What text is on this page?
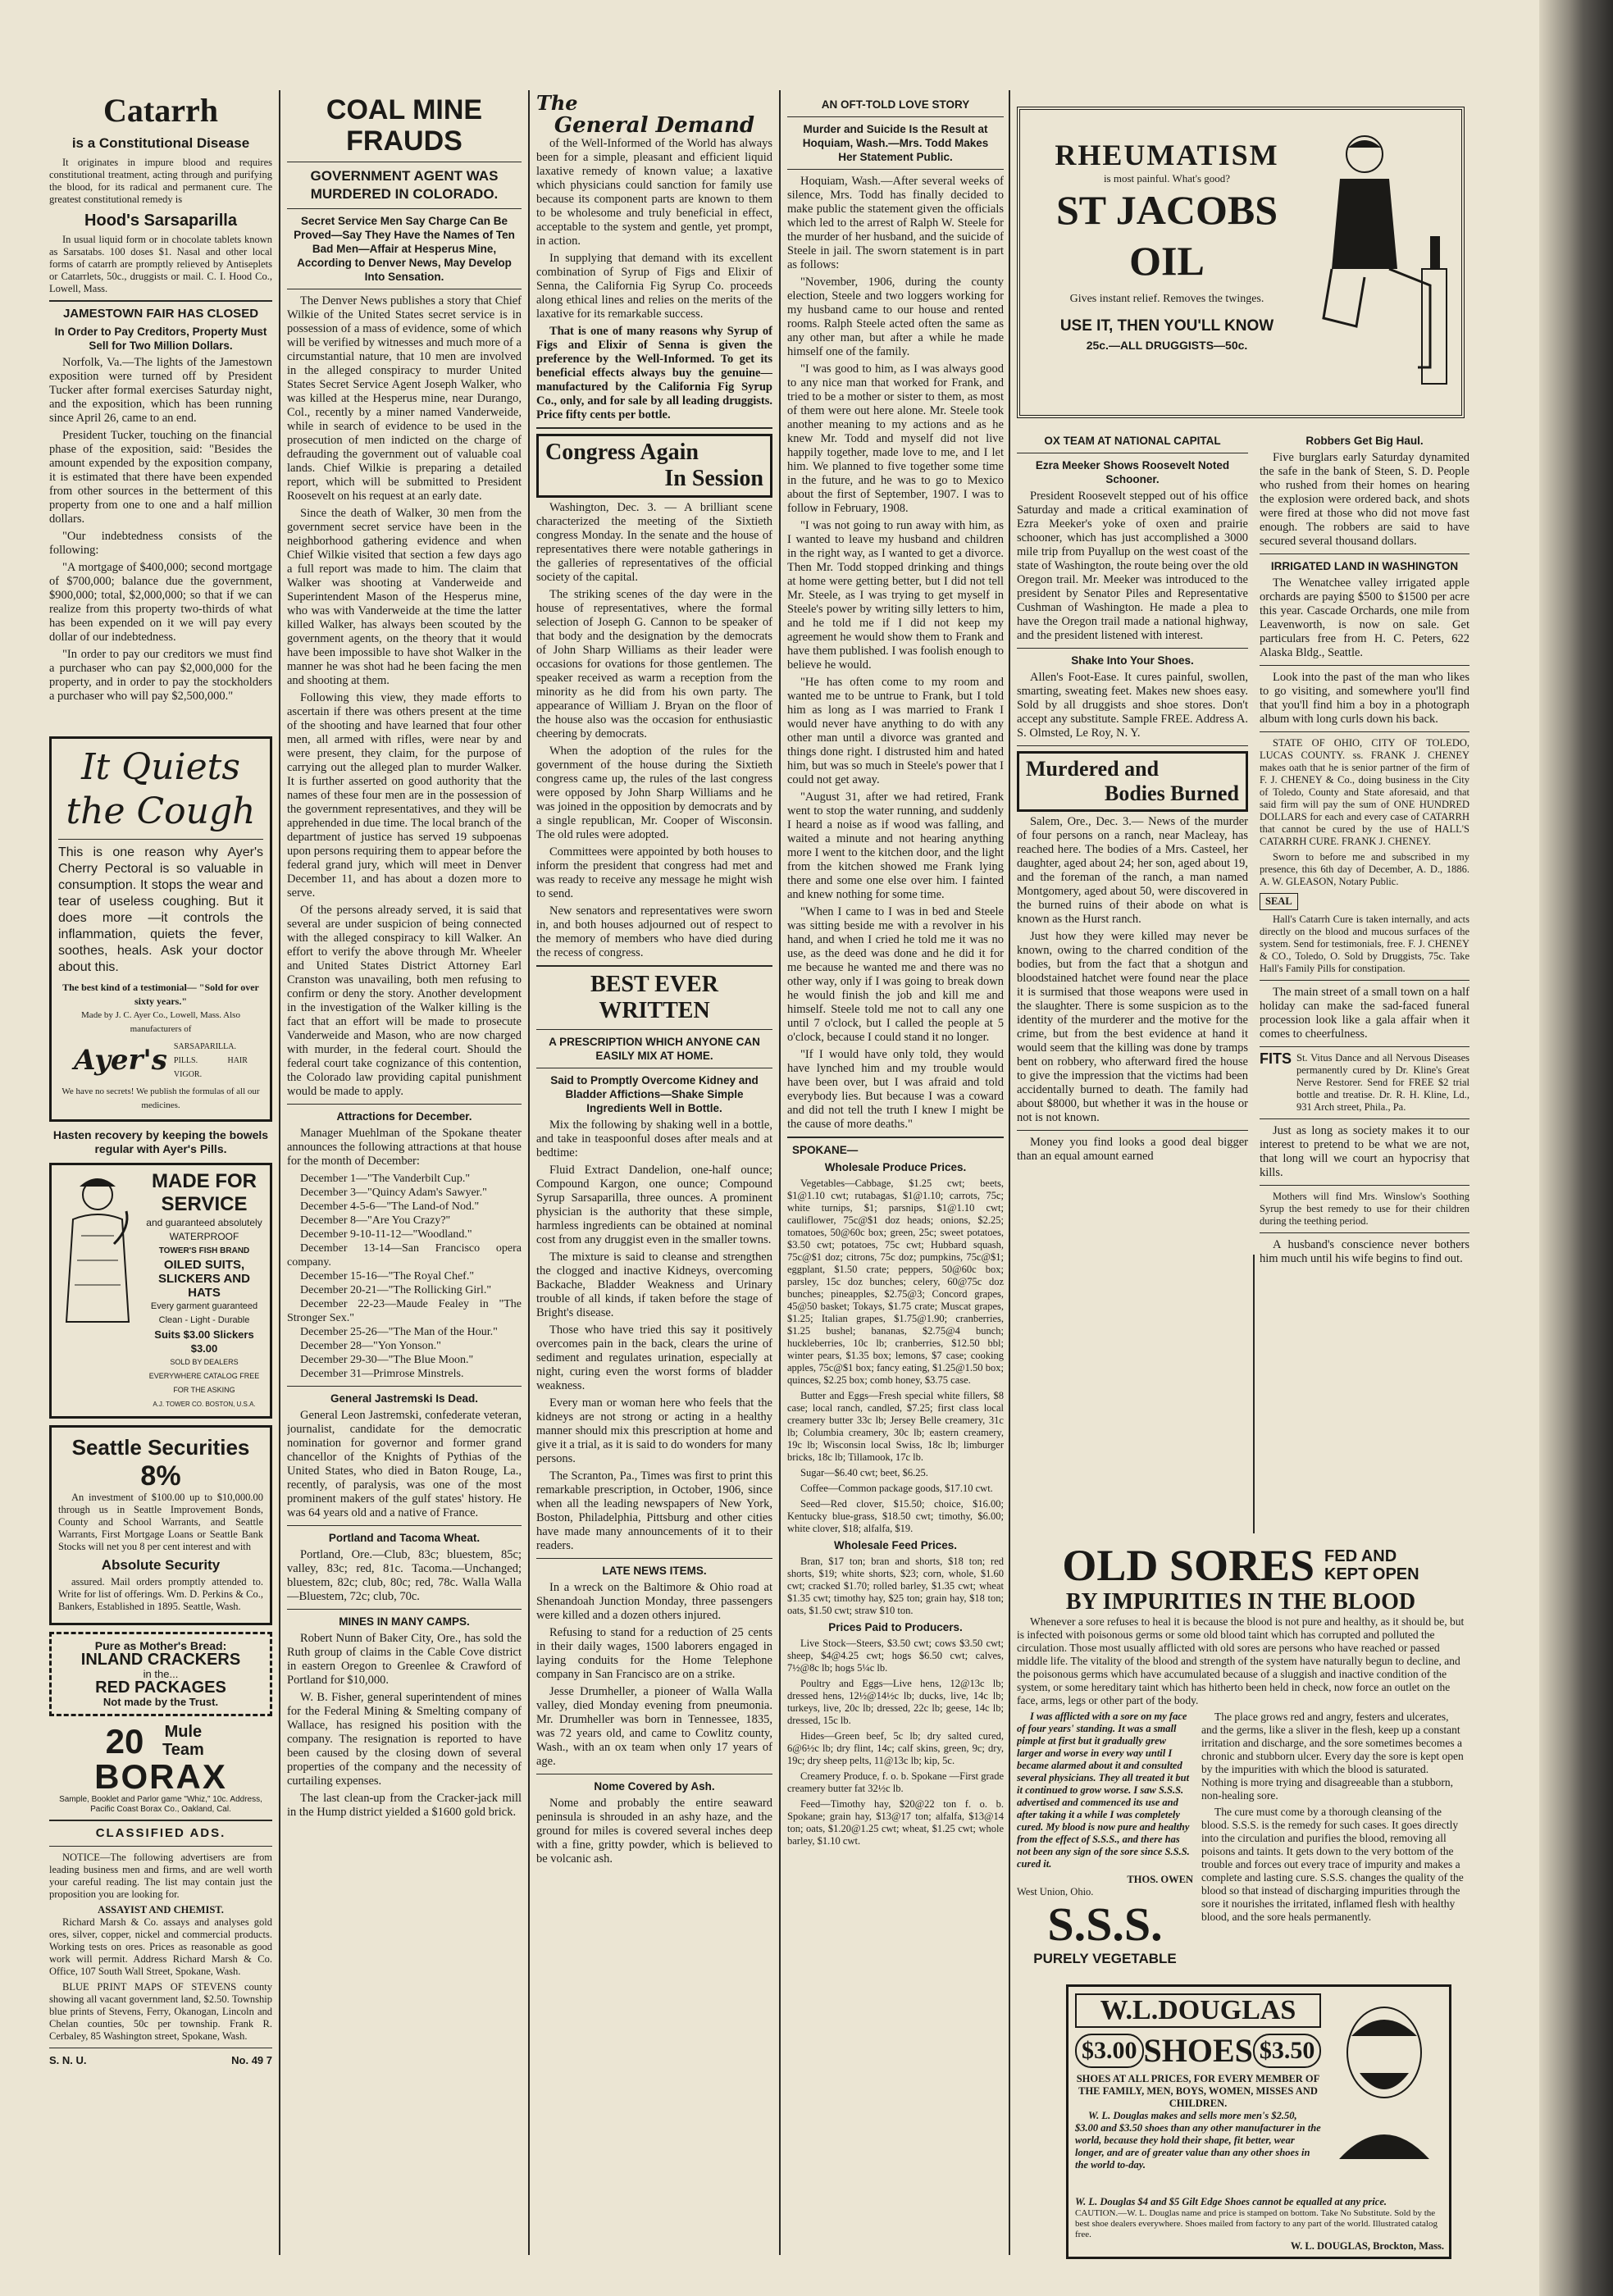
Catarrh
is a Constitutional Disease

It originates in impure blood and requires constitutional treatment, acting through and purifying the blood, for its radical and permanent cure. The greatest constitutional remedy is

Hood's Sarsaparilla

In usual liquid form or in chocolate tablets known as Sarsatabs. 100 doses $1. Nasal and other local forms of catarrh are promptly relieved by Antiseplets or Catarrlets, 50c., druggists or mail. C. I. Hood Co., Lowell, Mass.

JAMESTOWN FAIR HAS CLOSED
In Order to Pay Creditors, Property Must Sell for Two Million Dollars.

Norfolk, Va.—The lights of the Jamestown exposition were turned off by President Tucker after formal exercises Saturday night, and the exposition, which has been running since April 26, came to an end.

President Tucker, touching on the financial phase of the exposition, said: "Besides the amount expended by the exposition company, it is estimated that there have been expended from other sources in the betterment of this property from one to one and a half million dollars.

"Our indebtedness consists of the following:

"A mortgage of $400,000; second mortgage of $700,000; balance due the government, $900,000; total, $2,000,000; so that if we can realize from this property two-thirds of what has been expended on it we will pay every dollar of our indebtedness.

"In order to pay our creditors we must find a purchaser who can pay $2,000,000 for the property, and in order to pay the stockholders a purchaser who will pay $2,500,000."

It Quiets
the Cough
This is one reason why Ayer's Cherry Pectoral is so valuable in consumption. It stops the wear and tear of useless coughing. But it does more —it controls the inflammation, quiets the fever, soothes, heals. Ask your doctor about this.
The best kind of a testimonial— "Sold for over sixty years."
Made by J. C. Ayer Co., Lowell, Mass. Also manufacturers of
Ayer's SARSAPARILLA. PILLS. HAIR VIGOR.
We have no secrets! We publish the formulas of all our medicines.
Hasten recovery by keeping the bowels regular with Ayer's Pills.
MADE FOR SERVICE
and guaranteed absolutely WATERPROOF
TOWER'S FISH BRAND
OILED SUITS, SLICKERS AND HATS
Every garment guaranteed Clean - Light - Durable
Suits $3.00 Slickers $3.00
SOLD BY DEALERS EVERYWHERE CATALOG FREE FOR THE ASKING
A.J. TOWER CO. BOSTON, U.S.A.
Seattle Securities
8%

An investment of $100.00 up to $10,000.00 through us in Seattle Improvement Bonds, County and School Warrants, and Seattle Warrants, First Mortgage Loans or Seattle Bank Stocks will net you 8 per cent interest and with

Absolute Security

assured. Mail orders promptly attended to. Write for list of offerings. Wm. D. Perkins & Co., Bankers, Established in 1895. Seattle, Wash.

Pure as Mother's Bread:
INLAND CRACKERS
in the...
RED PACKAGES
Not made by the Trust.
20	Mule Team
BORAX
Sample, Booklet and Parlor game "Whiz," 10c. Address, Pacific Coast Borax Co., Oakland, Cal.
CLASSIFIED ADS.

NOTICE—The following advertisers are from leading business men and firms, and are well worth your careful reading. The list may contain just the proposition you are looking for.

ASSAYIST AND CHEMIST.

Richard Marsh & Co. assays and analyses gold ores, silver, copper, nickel and commercial products. Working tests on ores. Prices as reasonable as good work will permit. Address Richard Marsh & Co. Office, 107 South Wall Street, Spokane, Wash.

BLUE PRINT MAPS OF STEVENS county showing all vacant government land, $2.50. Township blue prints of Stevens, Ferry, Okanogan, Lincoln and Chelan counties, 50c per township. Frank R. Cerbaley, 85 Washington street, Spokane, Wash.

S. N. U.	No. 49 7
COAL MINE FRAUDS
GOVERNMENT AGENT WAS MURDERED IN COLORADO.
Secret Service Men Say Charge Can Be Proved—Say They Have the Names of Ten Bad Men—Affair at Hesperus Mine, According to Denver News, May Develop Into Sensation.

The Denver News publishes a story that Chief Wilkie of the United States secret service is in possession of a mass of evidence, some of which will be verified by witnesses and much more of a circumstantial nature, that 10 men are involved in the alleged conspiracy to murder United States Secret Service Agent Joseph Walker, who was killed at the Hesperus mine, near Durango, Col., recently by a miner named Vanderweide, while in search of evidence to be used in the prosecution of men indicted on the charge of defrauding the government out of valuable coal lands. Chief Wilkie is preparing a detailed report, which will be submitted to President Roosevelt on his request at an early date.

Since the death of Walker, 30 men from the government secret service have been in the neighborhood gathering evidence and when Chief Wilkie visited that section a few days ago a full report was made to him. The claim that Walker was shooting at Vanderweide and Superintendent Mason of the Hesperus mine, who was with Vanderweide at the time the latter killed Walker, has always been scouted by the government agents, on the theory that it would have been impossible to have shot Walker in the manner he was shot had he been facing the men and shooting at them.

Following this view, they made efforts to ascertain if there was others present at the time of the shooting and have learned that four other men, all armed with rifles, were near by and were present, they claim, for the purpose of carrying out the alleged plan to murder Walker. It is further asserted on good authority that the names of these four men are in the possession of the government representatives, and they will be apprehended in due time. The local branch of the department of justice has served 19 subpoenas upon persons requiring them to appear before the federal grand jury, which will meet in Denver December 11, and has about a dozen more to serve.

Of the persons already served, it is said that several are under suspicion of being connected with the alleged conspiracy to kill Walker. An effort to verify the above through Mr. Wheeler and United States District Attorney Earl Cranston was unavailing, both men refusing to confirm or deny the story. Another development in the investigation of the Walker killing is the fact that an effort will be made to prosecute Vanderweide and Mason, who are now charged with murder, in the federal court. Should the federal court take cognizance of this contention, the Colorado law providing capital punishment would be made to apply.

Attractions for December.

Manager Muehlman of the Spokane theater announces the following attractions at that house for the month of December:

December 1—"The Vanderbilt Cup."
December 3—"Quincy Adam's Sawyer."
December 4-5-6—"The Land-of Nod."
December 8—"Are You Crazy?"
December 9-10-11-12—"Woodland."
December 13-14—San Francisco opera company.
December 15-16—"The Royal Chef."
December 20-21—"The Rollicking Girl."
December 22-23—Maude Fealey in "The Stronger Sex."
December 25-26—"The Man of the Hour."
December 28—"Yon Yonson."
December 29-30—"The Blue Moon."
December 31—Primrose Minstrels.
General Jastremski Is Dead.

General Leon Jastremski, confederate veteran, journalist, candidate for the democratic nomination for governor and former grand chancellor of the Knights of Pythias of the United States, who died in Baton Rouge, La., recently, of paralysis, was one of the most prominent makers of the gulf states' history. He was 64 years old and a native of France.

Portland and Tacoma Wheat.

Portland, Ore.—Club, 83c; bluestem, 85c; valley, 83c; red, 81c. Tacoma.—Unchanged; bluestem, 82c; club, 80c; red, 78c. Walla Walla—Bluestem, 72c; club, 70c.

MINES IN MANY CAMPS.

Robert Nunn of Baker City, Ore., has sold the Ruth group of claims in the Cable Cove district in eastern Oregon to Greenlee & Crawford of Portland for $10,000.

W. B. Fisher, general superintendent of mines for the Federal Mining & Smelting company of Wallace, has resigned his position with the company. The resignation is reported to have been caused by the closing down of several properties of the company and the necessity of curtailing expenses.

The last clean-up from the Cracker-jack mill in the Hump district yielded a $1600 gold brick.

The
General Demand

of the Well-Informed of the World has always been for a simple, pleasant and efficient liquid laxative remedy of known value; a laxative which physicians could sanction for family use because its component parts are known to them to be wholesome and truly beneficial in effect, acceptable to the system and gentle, yet prompt, in action.

In supplying that demand with its excellent combination of Syrup of Figs and Elixir of Senna, the California Fig Syrup Co. proceeds along ethical lines and relies on the merits of the laxative for its remarkable success.

That is one of many reasons why Syrup of Figs and Elixir of Senna is given the preference by the Well-Informed. To get its beneficial effects always buy the genuine—manufactured by the California Fig Syrup Co., only, and for sale by all leading druggists. Price fifty cents per bottle.

Congress Again
In Session

Washington, Dec. 3. — A brilliant scene characterized the meeting of the Sixtieth congress Monday. In the senate and the house of representatives there were notable gatherings in the galleries of representatives of the official society of the capital.

The striking scenes of the day were in the house of representatives, where the formal selection of Joseph G. Cannon to be speaker of that body and the designation by the democrats of John Sharp Williams as their leader were occasions for ovations for those gentlemen. The speaker received as warm a reception from the minority as he did from his own party. The appearance of William J. Bryan on the floor of the house also was the occasion for enthusiastic cheering by democrats.

When the adoption of the rules for the government of the house during the Sixtieth congress came up, the rules of the last congress were opposed by John Sharp Williams and he was joined in the opposition by democrats and by a single republican, Mr. Cooper of Wisconsin. The old rules were adopted.

Committees were appointed by both houses to inform the president that congress had met and was ready to receive any message he might wish to send.

New senators and representatives were sworn in, and both houses adjourned out of respect to the memory of members who have died during the recess of congress.

BEST EVER WRITTEN
A PRESCRIPTION WHICH ANYONE CAN EASILY MIX AT HOME.
Said to Promptly Overcome Kidney and Bladder Affictions—Shake Simple Ingredients Well in Bottle.

Mix the following by shaking well in a bottle, and take in teaspoonful doses after meals and at bedtime:

Fluid Extract Dandelion, one-half ounce; Compound Kargon, one ounce; Compound Syrup Sarsaparilla, three ounces. A prominent physician is the authority that these simple, harmless ingredients can be obtained at nominal cost from any druggist even in the smaller towns.

The mixture is said to cleanse and strengthen the clogged and inactive Kidneys, overcoming Backache, Bladder Weakness and Urinary trouble of all kinds, if taken before the stage of Bright's disease.

Those who have tried this say it positively overcomes pain in the back, clears the urine of sediment and regulates urination, especially at night, curing even the worst forms of bladder weakness.

Every man or woman here who feels that the kidneys are not strong or acting in a healthy manner should mix this prescription at home and give it a trial, as it is said to do wonders for many persons.

The Scranton, Pa., Times was first to print this remarkable prescription, in October, 1906, since when all the leading newspapers of New York, Boston, Philadelphia, Pittsburg and other cities have made many announcements of it to their readers.

LATE NEWS ITEMS.

In a wreck on the Baltimore & Ohio road at Shenandoah Junction Monday, three passengers were killed and a dozen others injured.

Refusing to stand for a reduction of 25 cents in their daily wages, 1500 laborers engaged in laying conduits for the Home Telephone company in San Francisco are on a strike.

Jesse Drumheller, a pioneer of Walla Walla valley, died Monday evening from pneumonia. Mr. Drumheller was born in Tennessee, 1835, was 72 years old, and came to Cowlitz county, Wash., with an ox team when only 17 years of age.

Nome Covered by Ash.

Nome and probably the entire seaward peninsula is shrouded in an ashy haze, and the ground for miles is covered several inches deep with a fine, gritty powder, which is believed to be volcanic ash.

AN OFT-TOLD LOVE STORY
Murder and Suicide Is the Result at Hoquiam, Wash.—Mrs. Todd Makes Her Statement Public.

Hoquiam, Wash.—After several weeks of silence, Mrs. Todd has finally decided to make public the statement given the officials which led to the arrest of Ralph W. Steele for the murder of her husband, and the suicide of Steele in jail. The sworn statement is in part as follows:

"November, 1906, during the county election, Steele and two loggers working for my husband came to our house and rented rooms. Ralph Steele acted often the same as any other man, but after a while he made himself one of the family.

"I was good to him, as I was always good to any nice man that worked for Frank, and tried to be a mother or sister to them, as most of them were out here alone. Mr. Steele took another meaning to my actions and as he knew Mr. Todd and myself did not live happily together, made love to me, and I let him. We planned to five together some time in the future, and he was to go to Mexico about the first of September, 1907. I was to follow in February, 1908.

"I was not going to run away with him, as I wanted to leave my husband and children in the right way, as I wanted to get a divorce. Then Mr. Todd stopped drinking and things at home were getting better, but I did not tell Mr. Steele, as I was trying to get myself in Steele's power by writing silly letters to him, and he told me if I did not keep my agreement he would show them to Frank and have them published. I was foolish enough to believe he would.

"He has often come to my room and wanted me to be untrue to Frank, but I told him as long as I was married to Frank I would never have anything to do with any other man until a divorce was granted and things done right. I distrusted him and hated him, but was so much in Steele's power that I could not get away.

"August 31, after we had retired, Frank went to stop the water running, and suddenly I heard a noise as if wood was falling, and waited a minute and not hearing anything more I went to the kitchen door, and the light from the kitchen showed me Frank lying there and some one else over him. I fainted and knew nothing for some time.

"When I came to I was in bed and Steele was sitting beside me with a revolver in his hand, and when I cried he told me it was no use, as the deed was done and he did it for me because he wanted me and there was no other way, only if I was going to break down he would finish the job and kill me and himself. Steele told me not to call any one until 7 o'clock, but I called the people at 5 o'clock, because I could stand it no longer.

"If I would have only told, they would have lynched him and my trouble would have been over, but I was afraid and told everybody lies. But because I was a coward and did not tell the truth I knew I might be the cause of more deaths."

SPOKANE—
Wholesale Produce Prices.

Vegetables—Cabbage, $1.25 cwt; beets, $1@1.10 cwt; rutabagas, $1@1.10; carrots, 75c; white turnips, $1; parsnips, $1@1.10 cwt; cauliflower, 75c@$1 doz heads; onions, $2.25; tomatoes, 50@60c box; green, 25c; sweet potatoes, $3.50 cwt; potatoes, 75c cwt; Hubbard squash, 75c@$1 doz; citrons, 75c doz; pumpkins, 75c@$1; eggplant, $1.50 crate; peppers, 50@60c box; parsley, 15c doz bunches; celery, 60@75c doz bunches; pineapples, $2.75@3; Concord grapes, 45@50 basket; Tokays, $1.75 crate; Muscat grapes, $1.25; Italian grapes, $1.75@1.90; cranberries, $1.25 bushel; bananas, $2.75@4 bunch; huckleberries, 10c lb; cranberries, $12.50 bbl; winter pears, $1.35 box; lemons, $7 case; cooking apples, 75c@$1 box; fancy eating, $1.25@1.50 box; quinces, $2.25 box; comb honey, $3.75 case.

Butter and Eggs—Fresh special white fillers, $8 case; local ranch, candled, $7.25; first class local creamery butter 33c lb; Jersey Belle creamery, 31c lb; Columbia creamery, 30c lb; eastern creamery, 19c lb; Wisconsin local Swiss, 18c lb; limburger bricks, 18c lb; Tillamook, 17c lb.

Sugar—$6.40 cwt; beet, $6.25.

Coffee—Common package goods, $17.10 cwt.

Seed—Red clover, $15.50; choice, $16.00; Kentucky blue-grass, $18.50 cwt; timothy, $6.00; white clover, $18; alfalfa, $19.

Wholesale Feed Prices.

Bran, $17 ton; bran and shorts, $18 ton; red shorts, $19; white shorts, $23; corn, whole, $1.60 cwt; cracked $1.70; rolled barley, $1.35 cwt; wheat $1.35 cwt; timothy hay, $25 ton; grain hay, $18 ton; oats, $1.50 cwt; straw $10 ton.

Prices Paid to Producers.

Live Stock—Steers, $3.50 cwt; cows $3.50 cwt; sheep, $4@4.25 cwt; hogs $6.50 cwt; calves, 7½@8c lb; hogs 5¼c lb.

Poultry and Eggs—Live hens, 12@13c lb; dressed hens, 12½@14½c lb; ducks, live, 14c lb; turkeys, live, 20c lb; dressed, 22c lb; geese, 14c lb; dressed, 15c lb.

Hides—Green beef, 5c lb; dry salted cured, 6@6½c lb; dry flint, 14c; calf skins, green, 9c; dry, 19c; dry sheep pelts, 11@13c lb; kip, 5c.

Creamery Produce, f. o. b. Spokane —First grade creamery butter fat 32½c lb.

Feed—Timothy hay, $20@22 ton f. o. b. Spokane; grain hay, $13@17 ton; alfalfa, $13@14 ton; oats, $1.20@1.25 cwt; wheat, $1.25 cwt; whole barley, $1.10 cwt.

RHEUMATISM
is most painful. What's good?
ST JACOBS OIL
Gives instant relief. Removes the twinges.
USE IT, THEN YOU'LL KNOW
25c.—ALL DRUGGISTS—50c.
OX TEAM AT NATIONAL CAPITAL
Ezra Meeker Shows Roosevelt Noted Schooner.

President Roosevelt stepped out of his office Saturday and made a critical examination of Ezra Meeker's yoke of oxen and prairie schooner, which has just accomplished a 3000 mile trip from Puyallup on the west coast of the state of Washington, the route being over the old Oregon trail. Mr. Meeker was introduced to the president by Senator Piles and Representative Cushman of Washington. He made a plea to have the Oregon trail made a national highway, and the president listened with interest.

Shake Into Your Shoes.

Allen's Foot-Ease. It cures painful, swollen, smarting, sweating feet. Makes new shoes easy. Sold by all druggists and shoe stores. Don't accept any substitute. Sample FREE. Address A. S. Olmsted, Le Roy, N. Y.

Murdered and
Bodies Burned

Salem, Ore., Dec. 3.— News of the murder of four persons on a ranch, near Macleay, has reached here. The bodies of a Mrs. Casteel, her daughter, aged about 24; her son, aged about 19, and the foreman of the ranch, a man named Montgomery, aged about 50, were discovered in the burned ruins of their abode on what is known as the Hurst ranch.

Just how they were killed may never be known, owing to the charred condition of the bodies, but from the fact that a shotgun and bloodstained hatchet were found near the place it is surmised that those weapons were used in the slaughter. There is some suspicion as to the identity of the murderer and the motive for the crime, but from the best evidence at hand it would seem that the killing was done by tramps bent on robbery, who afterward fired the house to give the impression that the victims had been accidentally burned to death. The family had about $8000, but whether it was in the house or not is not known.

Money you find looks a good deal bigger than an equal amount earned

Robbers Get Big Haul.

Five burglars early Saturday dynamited the safe in the bank of Steen, S. D. People who rushed from their homes on hearing the explosion were ordered back, and shots were fired at those who did not move fast enough. The robbers are said to have secured several thousand dollars.

IRRIGATED LAND IN WASHINGTON

The Wenatchee valley irrigated apple orchards are paying $500 to $1500 per acre this year. Cascade Orchards, one mile from Leavenworth, is now on sale. Get particulars free from H. C. Peters, 622 Alaska Bldg., Seattle.

Look into the past of the man who likes to go visiting, and somewhere you'll find that you'll find him a boy in a photograph album with long curls down his back.

STATE OF OHIO, CITY OF TOLEDO, LUCAS COUNTY. ss. FRANK J. CHENEY makes oath that he is senior partner of the firm of F. J. CHENEY & Co., doing business in the City of Toledo, County and State aforesaid, and that said firm will pay the sum of ONE HUNDRED DOLLARS for each and every case of CATARRH that cannot be cured by the use of HALL'S CATARRH CURE. FRANK J. CHENEY.

Sworn to before me and subscribed in my presence, this 6th day of December, A. D., 1886. A. W. GLEASON, Notary Public.

SEAL

Hall's Catarrh Cure is taken internally, and acts directly on the blood and mucous surfaces of the system. Send for testimonials, free. F. J. CHENEY & CO., Toledo, O. Sold by Druggists, 75c. Take Hall's Family Pills for constipation.

The main street of a small town on a half holiday can make the sad-faced funeral procession look like a gala affair when it comes to cheerfulness.

FITS St. Vitus Dance and all Nervous Diseases permanently cured by Dr. Kline's Great Nerve Restorer. Send for FREE $2 trial bottle and treatise. Dr. R. H. Kline, Ld., 931 Arch street, Phila., Pa.

Just as long as society makes it to our interest to pretend to be what we are not, that long will we court an hypocrisy that kills.

Mothers will find Mrs. Winslow's Soothing Syrup the best remedy to use for their children during the teething period.

A husband's conscience never bothers him much until his wife begins to find out.

OLD SORES FED AND
KEPT OPEN
BY IMPURITIES IN THE BLOOD

Whenever a sore refuses to heal it is because the blood is not pure and healthy, as it should be, but is infected with poisonous germs or some old blood taint which has corrupted and polluted the circulation. Those most usually afflicted with old sores are persons who have reached or passed middle life. The vitality of the blood and strength of the system have naturally begun to decline, and the poisonous germs which have accumulated because of a sluggish and inactive condition of the system, or some hereditary taint which has hitherto been held in check, now force an outlet on the face, arms, legs or other part of the body.

I was afflicted with a sore on my face of four years' standing. It was a small pimple at first but it gradually grew larger and worse in every way until I became alarmed about it and consulted several physicians. They all treated it but it continued to grow worse. I saw S.S.S. advertised and commenced its use and after taking it a while I was completely cured. My blood is now pure and healthy from the effect of S.S.S., and there has not been any sign of the sore since S.S.S. cured it.

THOS. OWEN
West Union, Ohio.
S.S.S.
PURELY VEGETABLE

The place grows red and angry, festers and ulcerates, and the germs, like a sliver in the flesh, keep up a constant irritation and discharge, and the sore sometimes becomes a chronic and stubborn ulcer. Every day the sore is kept open by the impurities with which the blood is saturated. Nothing is more trying and disagreeable than a stubborn, non-healing sore.

The cure must come by a thorough cleansing of the blood. S.S.S. is the remedy for such cases. It goes directly into the circulation and purifies the blood, removing all poisons and taints. It gets down to the very bottom of the trouble and forces out every trace of impurity and makes a complete and lasting cure. S.S.S. changes the quality of the blood so that instead of discharging impurities through the sore it nourishes the irritated, inflamed flesh with healthy blood, and the sore heals permanently.

W.L.DOUGLAS
$3.00 SHOES $3.50
SHOES AT ALL PRICES, FOR EVERY MEMBER OF THE FAMILY, MEN, BOYS, WOMEN, MISSES AND CHILDREN.

W. L. Douglas makes and sells more men's $2.50, $3.00 and $3.50 shoes than any other manufacturer in the world, because they hold their shape, fit better, wear longer, and are of greater value than any other shoes in the world to-day.

W. L. Douglas $4 and $5 Gilt Edge Shoes cannot be equalled at any price.
CAUTION.—W. L. Douglas name and price is stamped on bottom. Take No Substitute. Sold by the best shoe dealers everywhere. Shoes mailed from factory to any part of the world. Illustrated catalog free.
W. L. DOUGLAS, Brockton, Mass.
